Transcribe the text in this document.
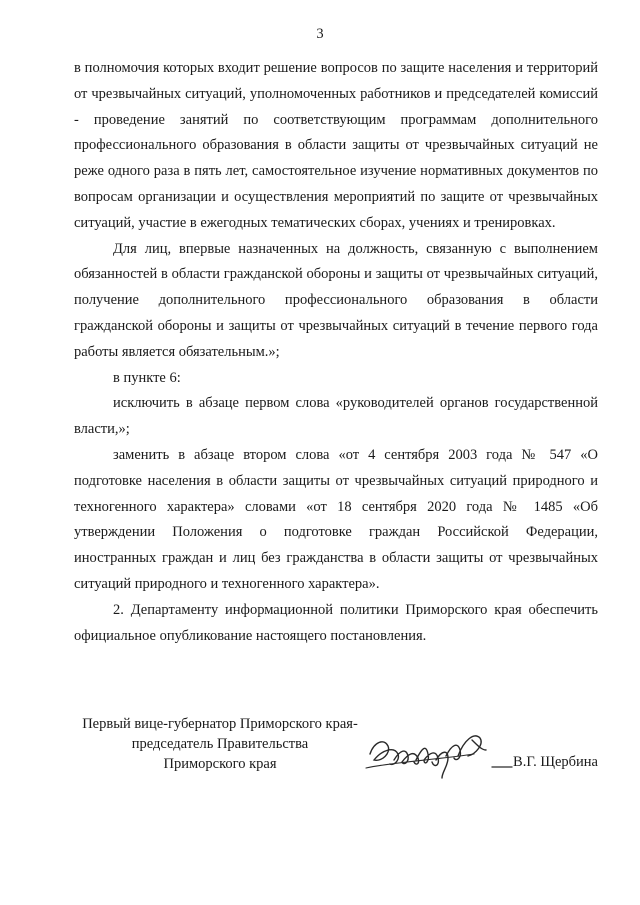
3

в полномочия которых входит решение вопросов по защите населения и территорий от чрезвычайных ситуаций, уполномоченных работников и председателей комиссий - проведение занятий по соответствующим программам дополнительного профессионального образования в области защиты от чрезвычайных ситуаций не реже одного раза в пять лет, самостоятельное изучение нормативных документов по вопросам организации и осуществления мероприятий по защите от чрезвычайных ситуаций, участие в ежегодных тематических сборах, учениях и тренировках.

Для лиц, впервые назначенных на должность, связанную с выполнением обязанностей в области гражданской обороны и защиты от чрезвычайных ситуаций, получение дополнительного профессионального образования в области гражданской обороны и защиты от чрезвычайных ситуаций в течение первого года работы является обязательным.»;

в пункте 6:

исключить в абзаце первом слова «руководителей органов государственной власти,»;

заменить в абзаце втором слова «от 4 сентября 2003 года № 547 «О подготовке населения в области защиты от чрезвычайных ситуаций природного и техногенного характера» словами «от 18 сентября 2020 года № 1485 «Об утверждении Положения о подготовке граждан Российской Федерации, иностранных граждан и лиц без гражданства в области защиты от чрезвычайных ситуаций природного и техногенного характера».

2. Департаменту информационной политики Приморского края обеспечить официальное опубликование настоящего постановления.

Первый вице-губернатор Приморского края-
председатель Правительства
Приморского края	В.Г. Щербина
